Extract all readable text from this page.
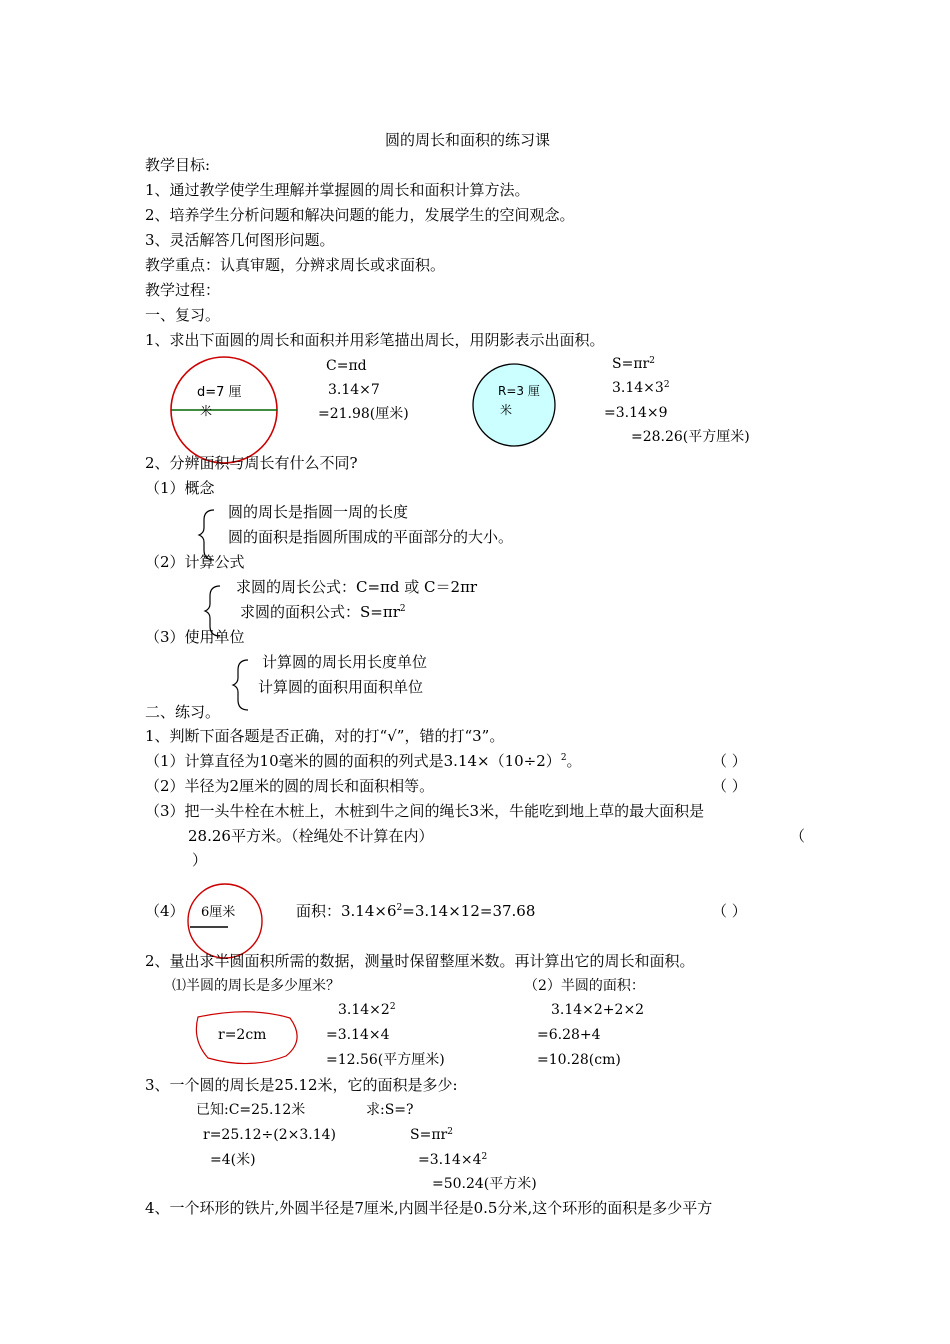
圆的周长和面积的练习课
教学目标:
1、通过教学使学生理解并掌握圆的周长和面积计算方法。
2、培养学生分析问题和解决问题的能力，发展学生的空间观念。
3、灵活解答几何图形问题。
教学重点：认真审题，分辨求周长或求面积。
教学过程：
一、复习。
1、求出下面圆的周长和面积并用彩笔描出周长，用阴影表示出面积。
d=7 厘
米
C=πd
3.14×7
=21.98(厘米)
R=3 厘
米
$S=\pi r^2$
$3.14\times 3^2$
=3.14×9
=28.26(平方厘米)
2、分辨面积与周长有什么不同?
（1）概念
圆的周长是指圆一周的长度
圆的面积是指圆所围成的平面部分的大小。
（2）计算公式
求圆的周长公式：C=πd 或 C＝2πr
求圆的面积公式：$S=\pi r^2$
（3）使用单位
计算圆的周长用长度单位
计算圆的面积用面积单位
二、练习。
1、判断下面各题是否正确，对的打“√”，错的打“3”。
（1）计算直径为10毫米的圆的面积的列式是$3.14\times(10\div 2)^2$。	（ ）
（2）半径为2厘米的圆的周长和面积相等。	（ ）
（3）把一头牛栓在木桩上，木桩到牛之间的绳长3米，牛能吃到地上草的最大面积是
28.26平方米。（栓绳处不计算在内）	（
）
（4） 6厘米	面积：$3.14\times 6^2=3.14\times 12=37.68$	（ ）
2、量出求半圆面积所需的数据，测量时保留整厘米数。再计算出它的周长和面积。
⑴半圆的周长是多少厘米？	（2）半圆的面积：
$3.14\times 2^2$	3.14×2+2×2
r=2cm	=3.14×4	=6.28+4
=12.56(平方厘米)	=10.28(cm)
3、一个圆的周长是25.12米，它的面积是多少:
已知:C=25.12米	求:S=?
r=25.12÷(2×3.14)	$S=\pi r^2$
=4(米)	$=3.14\times 4^2$
=50.24(平方米)
4、一个环形的铁片,外圆半径是7厘米,内圆半径是0.5分米,这个环形的面积是多少平方
